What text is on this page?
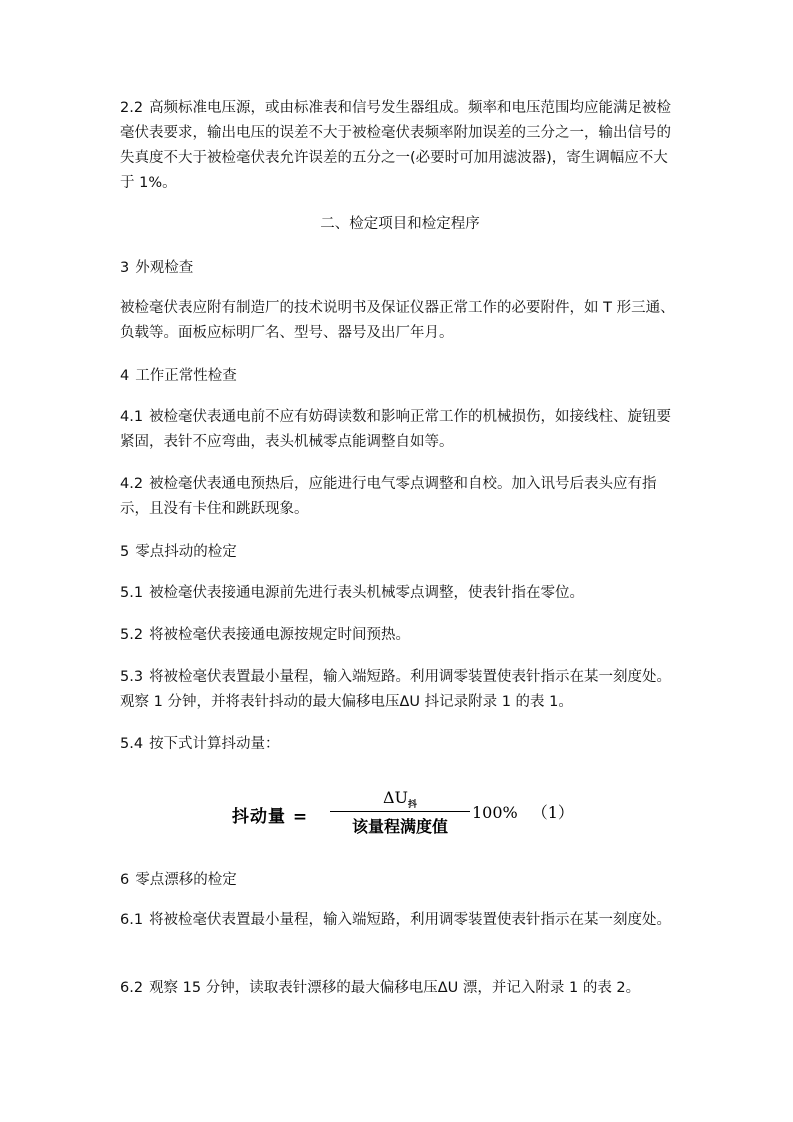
2.2 高频标准电压源，或由标准表和信号发生器组成。频率和电压范围均应能满足被检毫伏表要求，输出电压的误差不大于被检毫伏表频率附加误差的三分之一，输出信号的失真度不大于被检毫伏表允许误差的五分之一(必要时可加用滤波器)，寄生调幅应不大于 1%。

二、检定项目和检定程序

3 外观检查

被检毫伏表应附有制造厂的技术说明书及保证仪器正常工作的必要附件，如 T 形三通、负载等。面板应标明厂名、型号、器号及出厂年月。

4 工作正常性检查

4.1 被检毫伏表通电前不应有妨碍读数和影响正常工作的机械损伤，如接线柱、旋钮要紧固，表针不应弯曲，表头机械零点能调整自如等。

4.2 被检毫伏表通电预热后，应能进行电气零点调整和自校。加入讯号后表头应有指示，且没有卡住和跳跃现象。

5 零点抖动的检定

5.1 被检毫伏表接通电源前先进行表头机械零点调整，使表针指在零位。

5.2 将被检毫伏表接通电源按规定时间预热。

5.3 将被检毫伏表置最小量程，输入端短路。利用调零装置使表针指示在某一刻度处。观察 1 分钟，并将表针抖动的最大偏移电压ΔU 抖记录附录 1 的表 1。

5.4 按下式计算抖动量：

抖动量 =
$\Delta U_抖$
该量程满度值
100% （1）

6 零点漂移的检定

6.1 将被检毫伏表置最小量程，输入端短路，利用调零装置使表针指示在某一刻度处。

6.2 观察 15 分钟，读取表针漂移的最大偏移电压ΔU 漂，并记入附录 1 的表 2。
